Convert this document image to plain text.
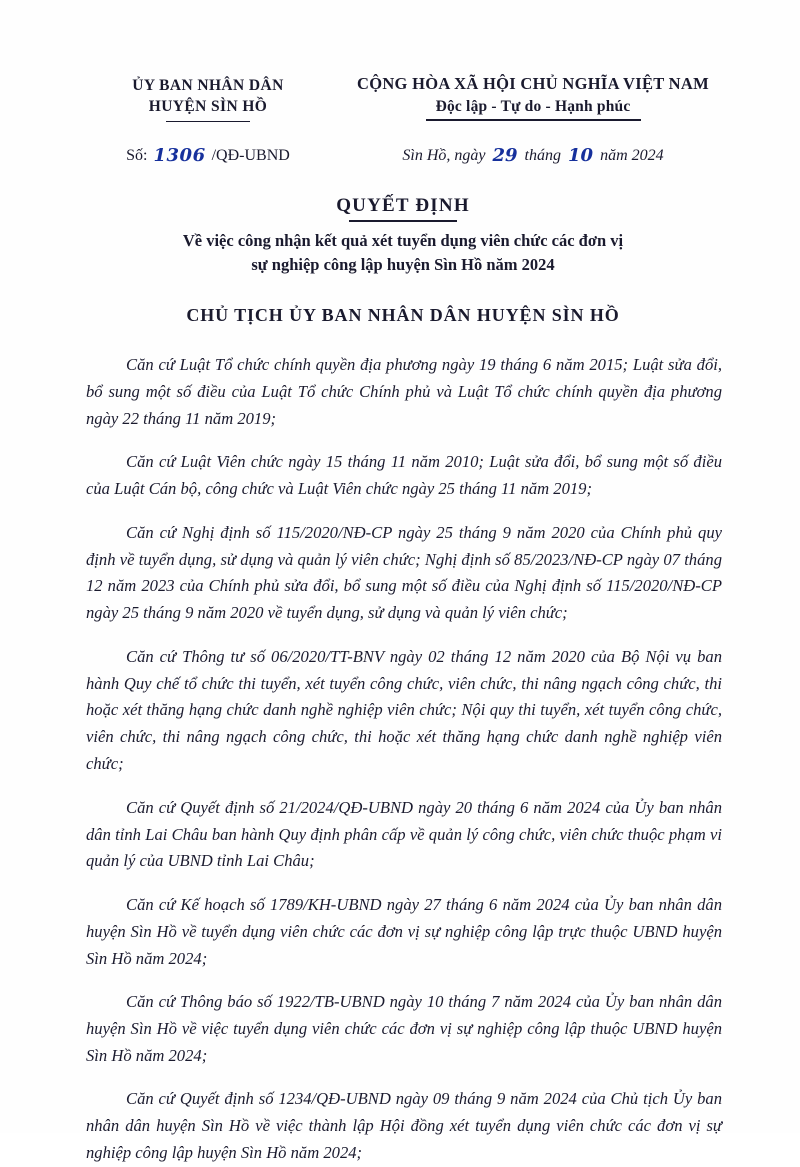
ỦY BAN NHÂN DÂN
HUYỆN SÌN HỒ
CỘNG HÒA XÃ HỘI CHỦ NGHĨA VIỆT NAM
Độc lập - Tự do - Hạnh phúc
Số: 1306 /QĐ-UBND	Sìn Hồ, ngày 29 tháng 10 năm 2024
QUYẾT ĐỊNH
Về việc công nhận kết quả xét tuyển dụng viên chức các đơn vị
sự nghiệp công lập huyện Sìn Hồ năm 2024
CHỦ TỊCH ỦY BAN NHÂN DÂN HUYỆN SÌN HỒ

Căn cứ Luật Tổ chức chính quyền địa phương ngày 19 tháng 6 năm 2015; Luật sửa đổi, bổ sung một số điều của Luật Tổ chức Chính phủ và Luật Tổ chức chính quyền địa phương ngày 22 tháng 11 năm 2019;

Căn cứ Luật Viên chức ngày 15 tháng 11 năm 2010; Luật sửa đổi, bổ sung một số điều của Luật Cán bộ, công chức và Luật Viên chức ngày 25 tháng 11 năm 2019;

Căn cứ Nghị định số 115/2020/NĐ-CP ngày 25 tháng 9 năm 2020 của Chính phủ quy định về tuyển dụng, sử dụng và quản lý viên chức; Nghị định số 85/2023/NĐ-CP ngày 07 tháng 12 năm 2023 của Chính phủ sửa đổi, bổ sung một số điều của Nghị định số 115/2020/NĐ-CP ngày 25 tháng 9 năm 2020 về tuyển dụng, sử dụng và quản lý viên chức;

Căn cứ Thông tư số 06/2020/TT-BNV ngày 02 tháng 12 năm 2020 của Bộ Nội vụ ban hành Quy chế tổ chức thi tuyển, xét tuyển công chức, viên chức, thi nâng ngạch công chức, thi hoặc xét thăng hạng chức danh nghề nghiệp viên chức; Nội quy thi tuyển, xét tuyển công chức, viên chức, thi nâng ngạch công chức, thi hoặc xét thăng hạng chức danh nghề nghiệp viên chức;

Căn cứ Quyết định số 21/2024/QĐ-UBND ngày 20 tháng 6 năm 2024 của Ủy ban nhân dân tỉnh Lai Châu ban hành Quy định phân cấp về quản lý công chức, viên chức thuộc phạm vi quản lý của UBND tỉnh Lai Châu;

Căn cứ Kế hoạch số 1789/KH-UBND ngày 27 tháng 6 năm 2024 của Ủy ban nhân dân huyện Sìn Hồ về tuyển dụng viên chức các đơn vị sự nghiệp công lập trực thuộc UBND huyện Sìn Hồ năm 2024;

Căn cứ Thông báo số 1922/TB-UBND ngày 10 tháng 7 năm 2024 của Ủy ban nhân dân huyện Sìn Hồ về việc tuyển dụng viên chức các đơn vị sự nghiệp công lập thuộc UBND huyện Sìn Hồ năm 2024;

Căn cứ Quyết định số 1234/QĐ-UBND ngày 09 tháng 9 năm 2024 của Chủ tịch Ủy ban nhân dân huyện Sìn Hồ về việc thành lập Hội đồng xét tuyển dụng viên chức các đơn vị sự nghiệp công lập huyện Sìn Hồ năm 2024;
